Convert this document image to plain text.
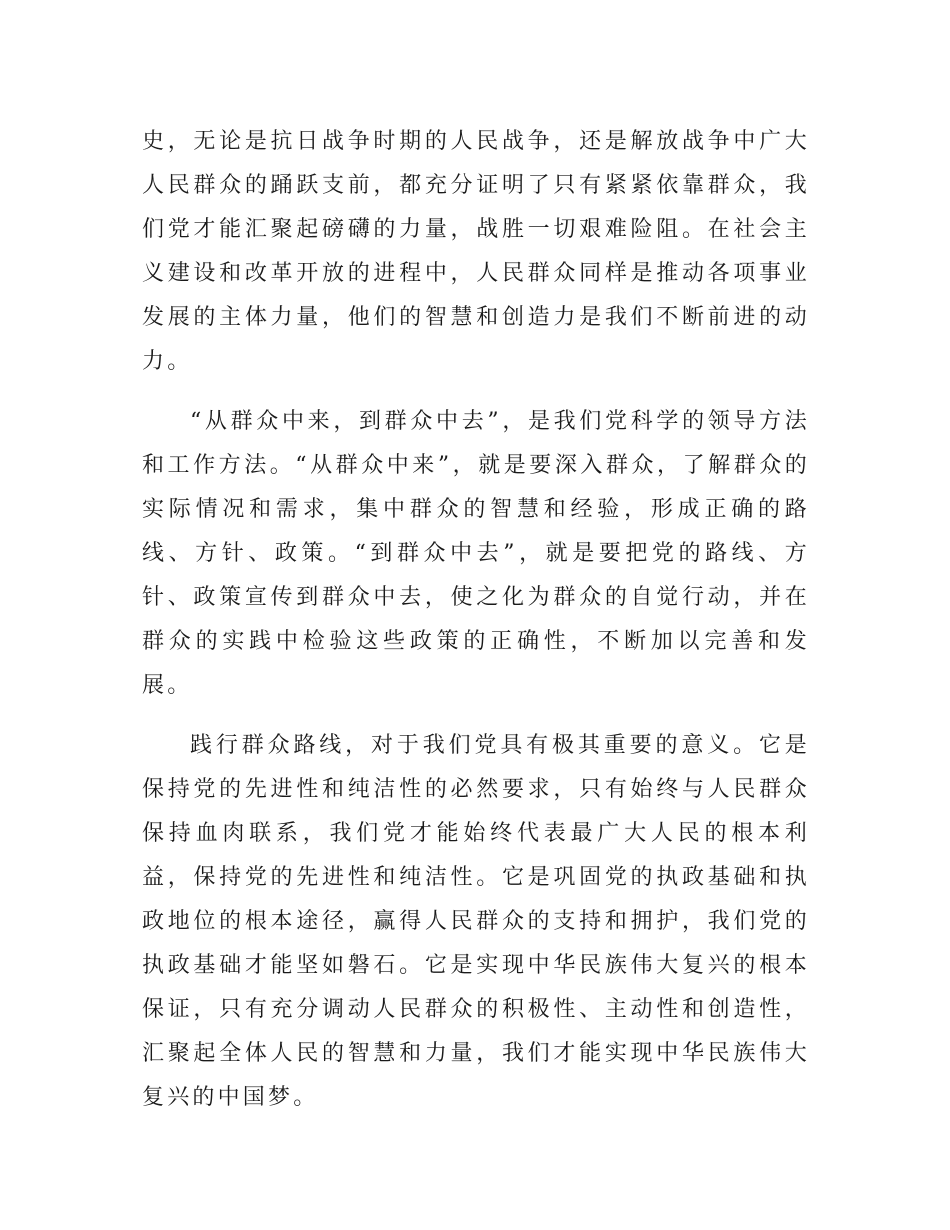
史，无论是抗日战争时期的人民战争，还是解放战争中广大人民群众的踊跃支前，都充分证明了只有紧紧依靠群众，我们党才能汇聚起磅礴的力量，战胜一切艰难险阻。在社会主义建设和改革开放的进程中，人民群众同样是推动各项事业发展的主体力量，他们的智慧和创造力是我们不断前进的动力。

“从群众中来，到群众中去”，是我们党科学的领导方法和工作方法。“从群众中来”，就是要深入群众，了解群众的实际情况和需求，集中群众的智慧和经验，形成正确的路线、方针、政策。“到群众中去”，就是要把党的路线、方针、政策宣传到群众中去，使之化为群众的自觉行动，并在群众的实践中检验这些政策的正确性，不断加以完善和发展。

践行群众路线，对于我们党具有极其重要的意义。它是保持党的先进性和纯洁性的必然要求，只有始终与人民群众保持血肉联系，我们党才能始终代表最广大人民的根本利益，保持党的先进性和纯洁性。它是巩固党的执政基础和执政地位的根本途径，赢得人民群众的支持和拥护，我们党的执政基础才能坚如磐石。它是实现中华民族伟大复兴的根本保证，只有充分调动人民群众的积极性、主动性和创造性，汇聚起全体人民的智慧和力量，我们才能实现中华民族伟大复兴的中国梦。
